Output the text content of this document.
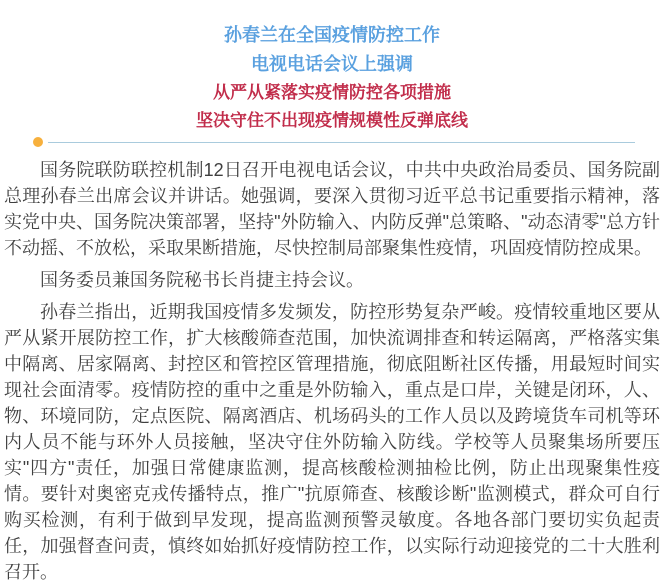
孙春兰在全国疫情防控工作
电视电话会议上强调
从严从紧落实疫情防控各项措施
坚决守住不出现疫情规模性反弹底线

国务院联防联控机制12日召开电视电话会议，中共中央政治局委员、国务院副总理孙春兰出席会议并讲话。她强调，要深入贯彻习近平总书记重要指示精神，落实党中央、国务院决策部署，坚持"外防输入、内防反弹"总策略、"动态清零"总方针不动摇、不放松，采取果断措施，尽快控制局部聚集性疫情，巩固疫情防控成果。

国务委员兼国务院秘书长肖捷主持会议。

孙春兰指出，近期我国疫情多发频发，防控形势复杂严峻。疫情较重地区要从严从紧开展防控工作，扩大核酸筛查范围，加快流调排查和转运隔离，严格落实集中隔离、居家隔离、封控区和管控区管理措施，彻底阻断社区传播，用最短时间实现社会面清零。疫情防控的重中之重是外防输入，重点是口岸，关键是闭环，人、物、环境同防，定点医院、隔离酒店、机场码头的工作人员以及跨境货车司机等环内人员不能与环外人员接触，坚决守住外防输入防线。学校等人员聚集场所要压实"四方"责任，加强日常健康监测，提高核酸检测抽检比例，防止出现聚集性疫情。要针对奥密克戎传播特点，推广"抗原筛查、核酸诊断"监测模式，群众可自行购买检测，有利于做到早发现，提高监测预警灵敏度。各地各部门要切实负起责任，加强督查问责，慎终如始抓好疫情防控工作，以实际行动迎接党的二十大胜利召开。
